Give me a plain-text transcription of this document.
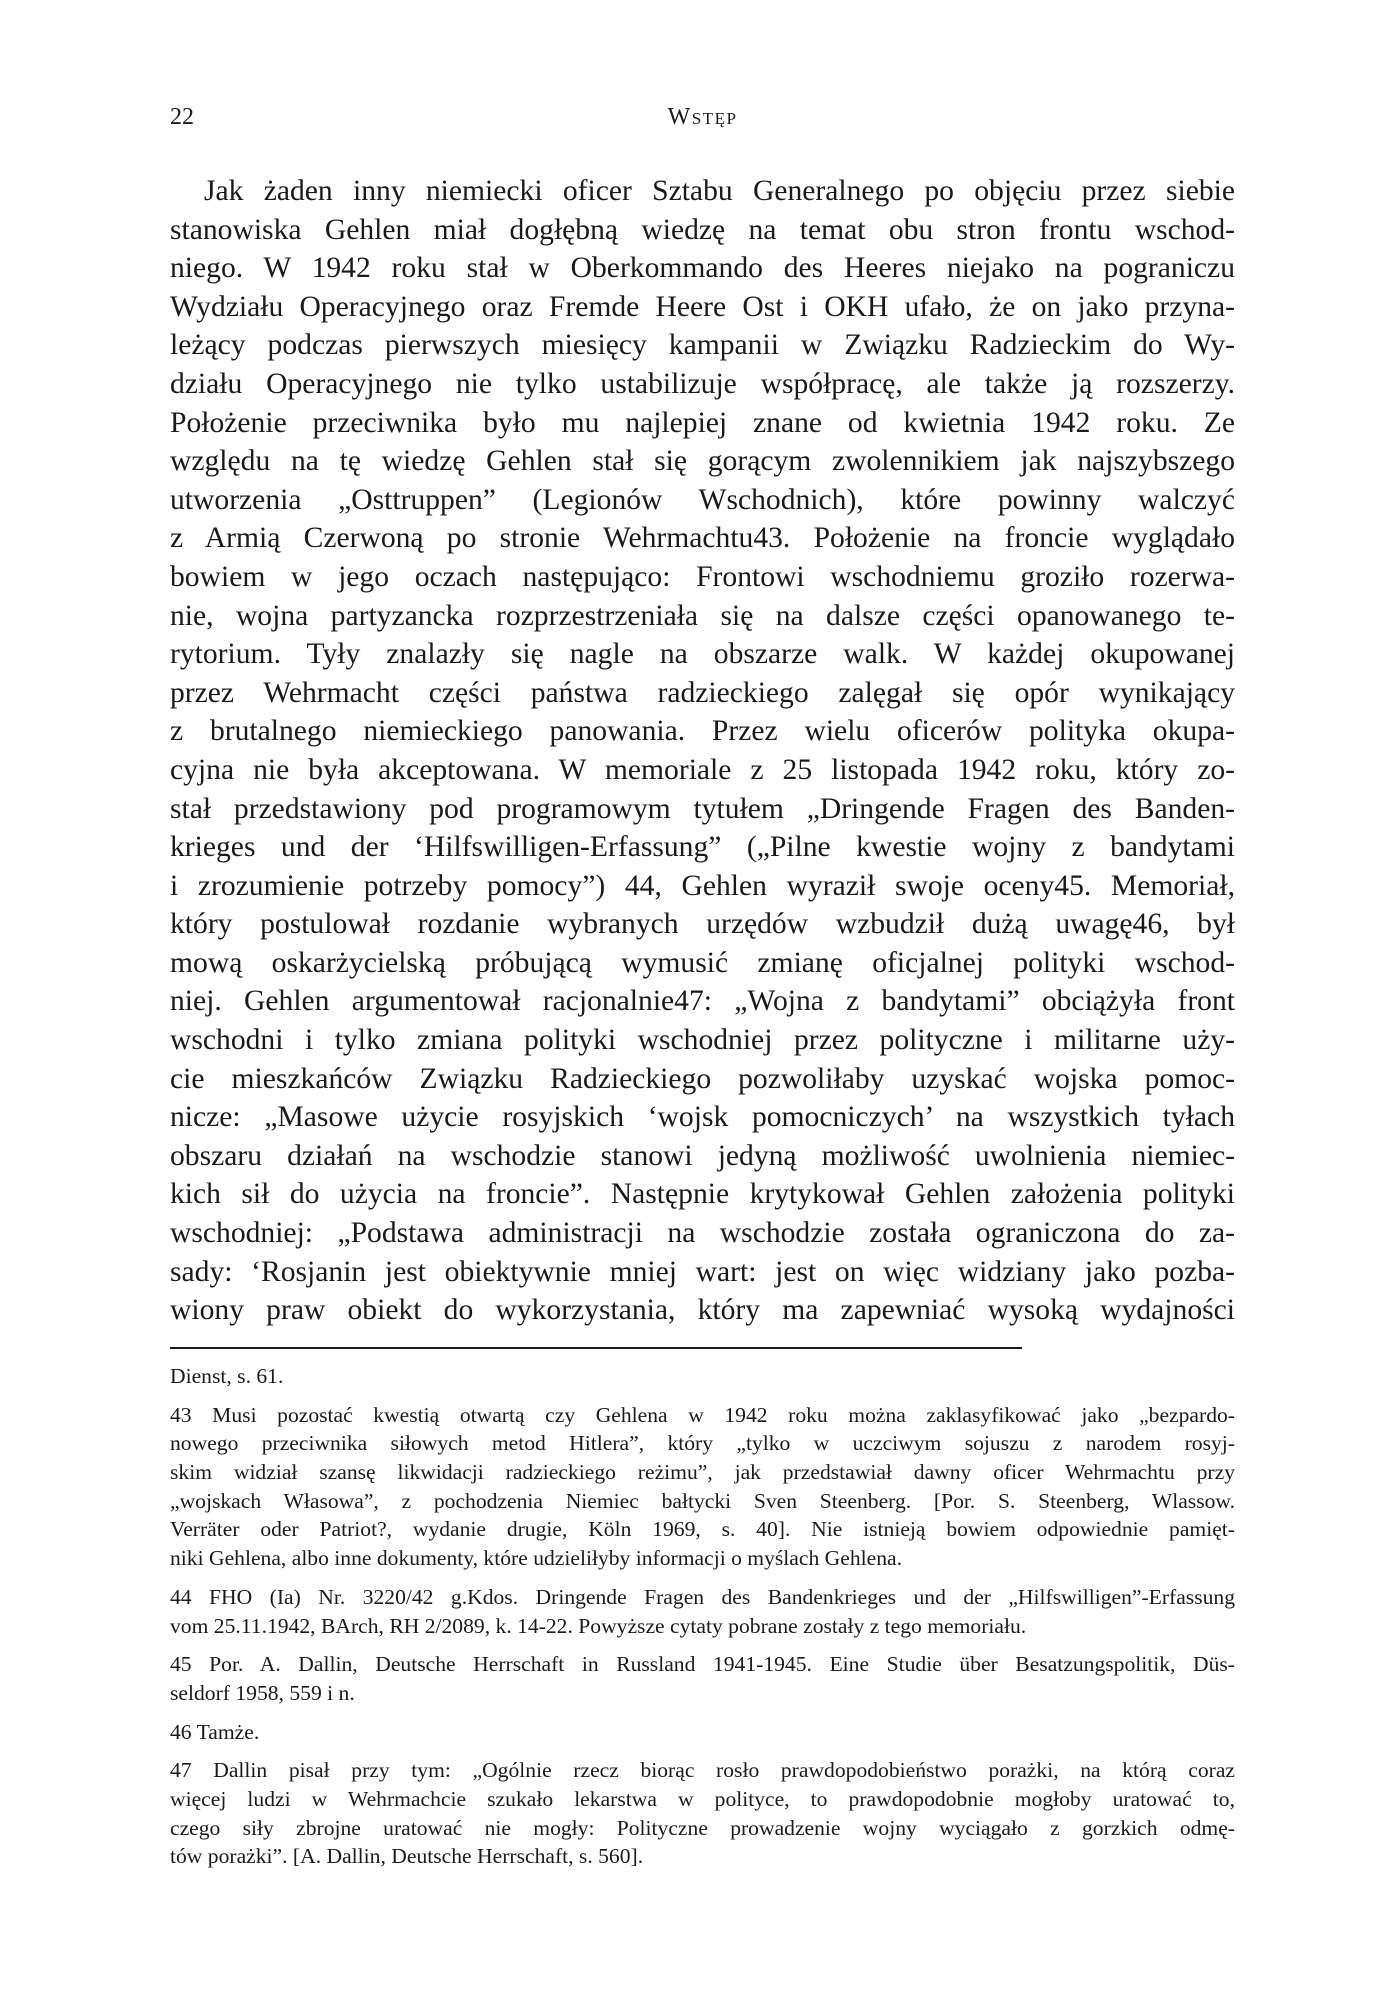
22	Wstęp
Jak żaden inny niemiecki oficer Sztabu Generalnego po objęciu przez siebie
stanowiska Gehlen miał dogłębną wiedzę na temat obu stron frontu wschod-
niego. W 1942 roku stał w Oberkommando des Heeres niejako na pograniczu
Wydziału Operacyjnego oraz Fremde Heere Ost i OKH ufało, że on jako przyna-
leżący podczas pierwszych miesięcy kampanii w Związku Radzieckim do Wy-
działu Operacyjnego nie tylko ustabilizuje współpracę, ale także ją rozszerzy.
Położenie przeciwnika było mu najlepiej znane od kwietnia 1942 roku. Ze
względu na tę wiedzę Gehlen stał się gorącym zwolennikiem jak najszybszego
utworzenia „Osttruppen” (Legionów Wschodnich), które powinny walczyć
z Armią Czerwoną po stronie Wehrmachtu43. Położenie na froncie wyglądało
bowiem w jego oczach następująco: Frontowi wschodniemu groziło rozerwa-
nie, wojna partyzancka rozprzestrzeniała się na dalsze części opanowanego te-
rytorium. Tyły znalazły się nagle na obszarze walk. W każdej okupowanej
przez Wehrmacht części państwa radzieckiego zalęgał się opór wynikający
z brutalnego niemieckiego panowania. Przez wielu oficerów polityka okupa-
cyjna nie była akceptowana. W memoriale z 25 listopada 1942 roku, który zo-
stał przedstawiony pod programowym tytułem „Dringende Fragen des Banden-
krieges und der ‘Hilfswilligen-Erfassung” („Pilne kwestie wojny z bandytami
i zrozumienie potrzeby pomocy”) 44, Gehlen wyraził swoje oceny45. Memoriał,
który postulował rozdanie wybranych urzędów wzbudził dużą uwagę46, był
mową oskarżycielską próbującą wymusić zmianę oficjalnej polityki wschod-
niej. Gehlen argumentował racjonalnie47: „Wojna z bandytami” obciążyła front
wschodni i tylko zmiana polityki wschodniej przez polityczne i militarne uży-
cie mieszkańców Związku Radzieckiego pozwoliłaby uzyskać wojska pomoc-
nicze: „Masowe użycie rosyjskich ‘wojsk pomocniczych’ na wszystkich tyłach
obszaru działań na wschodzie stanowi jedyną możliwość uwolnienia niemiec-
kich sił do użycia na froncie”. Następnie krytykował Gehlen założenia polityki
wschodniej: „Podstawa administracji na wschodzie została ograniczona do za-
sady: ‘Rosjanin jest obiektywnie mniej wart: jest on więc widziany jako pozba-
wiony praw obiekt do wykorzystania, który ma zapewniać wysoką wydajności
Dienst, s. 61.
43 Musi pozostać kwestią otwartą czy Gehlena w 1942 roku można zaklasyfikować jako „bezpardo-
nowego przeciwnika siłowych metod Hitlera”, który „tylko w uczciwym sojuszu z narodem rosyj-
skim widział szansę likwidacji radzieckiego reżimu”, jak przedstawiał dawny oficer Wehrmachtu przy
„wojskach Własowa”, z pochodzenia Niemiec bałtycki Sven Steenberg. [Por. S. Steenberg, Wlassow.
Verräter oder Patriot?, wydanie drugie, Köln 1969, s. 40]. Nie istnieją bowiem odpowiednie pamięt-
niki Gehlena, albo inne dokumenty, które udzieliłyby informacji o myślach Gehlena.
44 FHO (Ia) Nr. 3220/42 g.Kdos. Dringende Fragen des Bandenkrieges und der „Hilfswilligen”-Erfassung
vom 25.11.1942, BArch, RH 2/2089, k. 14-22. Powyższe cytaty pobrane zostały z tego memoriału.
45 Por. A. Dallin, Deutsche Herrschaft in Russland 1941-1945. Eine Studie über Besatzungspolitik, Düs-
seldorf 1958, 559 i n.
46 Tamże.
47 Dallin pisał przy tym: „Ogólnie rzecz biorąc rosło prawdopodobieństwo porażki, na którą coraz
więcej ludzi w Wehrmachcie szukało lekarstwa w polityce, to prawdopodobnie mogłoby uratować to,
czego siły zbrojne uratować nie mogły: Polityczne prowadzenie wojny wyciągało z gorzkich odmę-
tów porażki”. [A. Dallin, Deutsche Herrschaft, s. 560].
